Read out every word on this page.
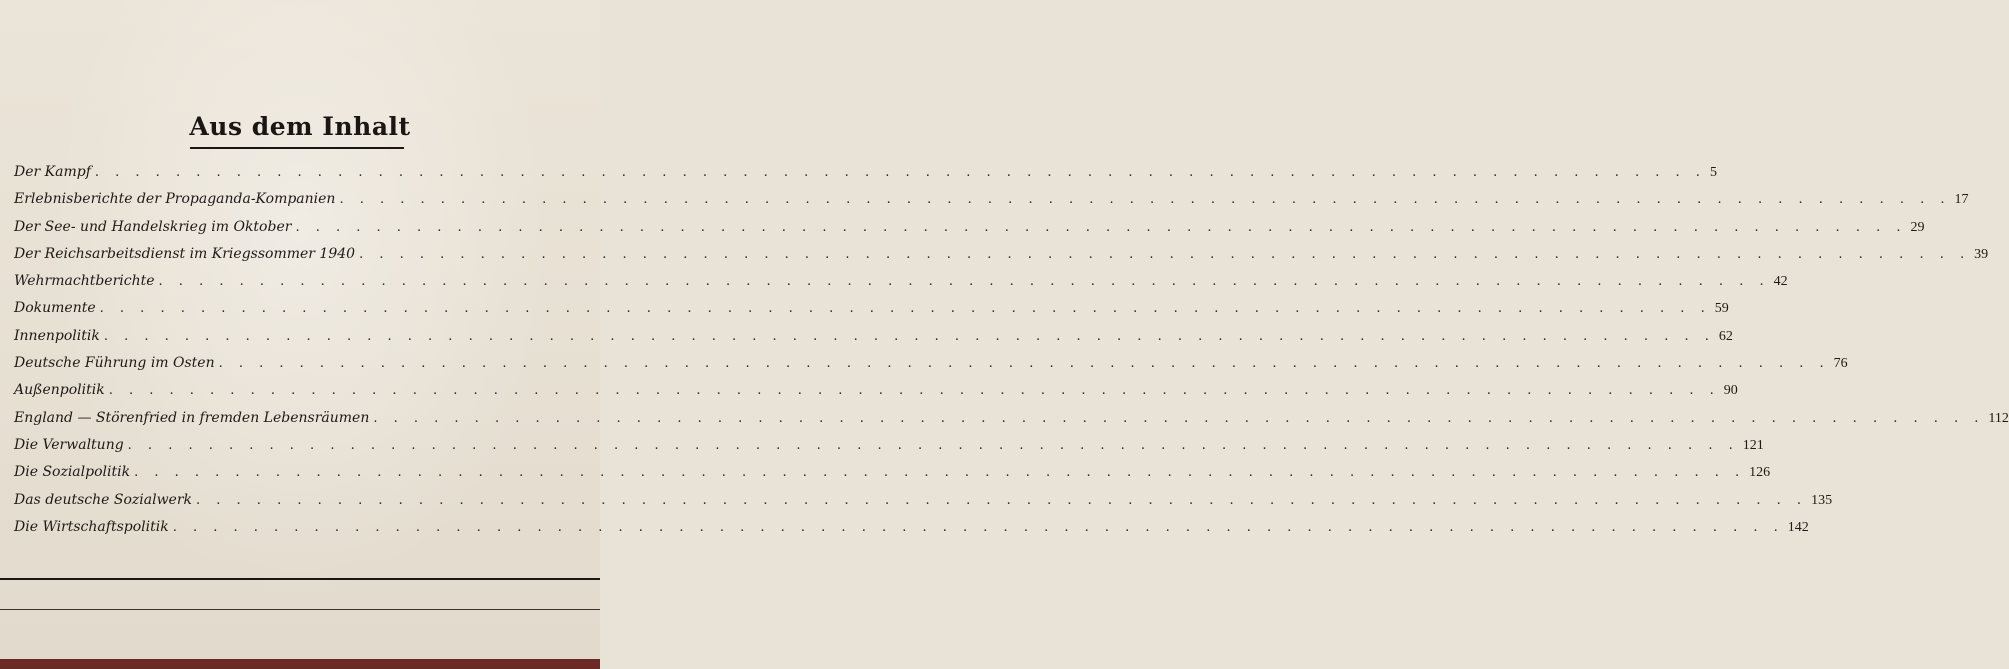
Aus dem Inhalt
Der Kampf . . . . . . . . . . . . . . . . . . . . . . . . . . . . . . . . . . . . . . . . . . . . . . . . . . . . . . . . . . . . . . . . . . . . . . . . . . . . . . . . 5
Erlebnisberichte der Propaganda-Kompanien . . . . . . . . . . . . . . . . . . . . . . . . . . . . . . . . . . . . . . . . . . . . . . . . . . . . . . . . . . . . . . . . . . . . . . . . . . . . . . . . 17
Der See- und Handelskrieg im Oktober . . . . . . . . . . . . . . . . . . . . . . . . . . . . . . . . . . . . . . . . . . . . . . . . . . . . . . . . . . . . . . . . . . . . . . . . . . . . . . . . 29
Der Reichsarbeitsdienst im Kriegssommer 1940 . . . . . . . . . . . . . . . . . . . . . . . . . . . . . . . . . . . . . . . . . . . . . . . . . . . . . . . . . . . . . . . . . . . . . . . . . . . . . . . . 39
Wehrmachtberichte . . . . . . . . . . . . . . . . . . . . . . . . . . . . . . . . . . . . . . . . . . . . . . . . . . . . . . . . . . . . . . . . . . . . . . . . . . . . . . . . 42
Dokumente . . . . . . . . . . . . . . . . . . . . . . . . . . . . . . . . . . . . . . . . . . . . . . . . . . . . . . . . . . . . . . . . . . . . . . . . . . . . . . . . 59
Innenpolitik . . . . . . . . . . . . . . . . . . . . . . . . . . . . . . . . . . . . . . . . . . . . . . . . . . . . . . . . . . . . . . . . . . . . . . . . . . . . . . . . 62
Deutsche Führung im Osten . . . . . . . . . . . . . . . . . . . . . . . . . . . . . . . . . . . . . . . . . . . . . . . . . . . . . . . . . . . . . . . . . . . . . . . . . . . . . . . . 76
Außenpolitik . . . . . . . . . . . . . . . . . . . . . . . . . . . . . . . . . . . . . . . . . . . . . . . . . . . . . . . . . . . . . . . . . . . . . . . . . . . . . . . . 90
England — Störenfried in fremden Lebensräumen . . . . . . . . . . . . . . . . . . . . . . . . . . . . . . . . . . . . . . . . . . . . . . . . . . . . . . . . . . . . . . . . . . . . . . . . . . . . . . . . 112
Die Verwaltung . . . . . . . . . . . . . . . . . . . . . . . . . . . . . . . . . . . . . . . . . . . . . . . . . . . . . . . . . . . . . . . . . . . . . . . . . . . . . . . . 121
Die Sozialpolitik . . . . . . . . . . . . . . . . . . . . . . . . . . . . . . . . . . . . . . . . . . . . . . . . . . . . . . . . . . . . . . . . . . . . . . . . . . . . . . . . 126
Das deutsche Sozialwerk . . . . . . . . . . . . . . . . . . . . . . . . . . . . . . . . . . . . . . . . . . . . . . . . . . . . . . . . . . . . . . . . . . . . . . . . . . . . . . . . 135
Die Wirtschaftspolitik . . . . . . . . . . . . . . . . . . . . . . . . . . . . . . . . . . . . . . . . . . . . . . . . . . . . . . . . . . . . . . . . . . . . . . . . . . . . . . . . 142
